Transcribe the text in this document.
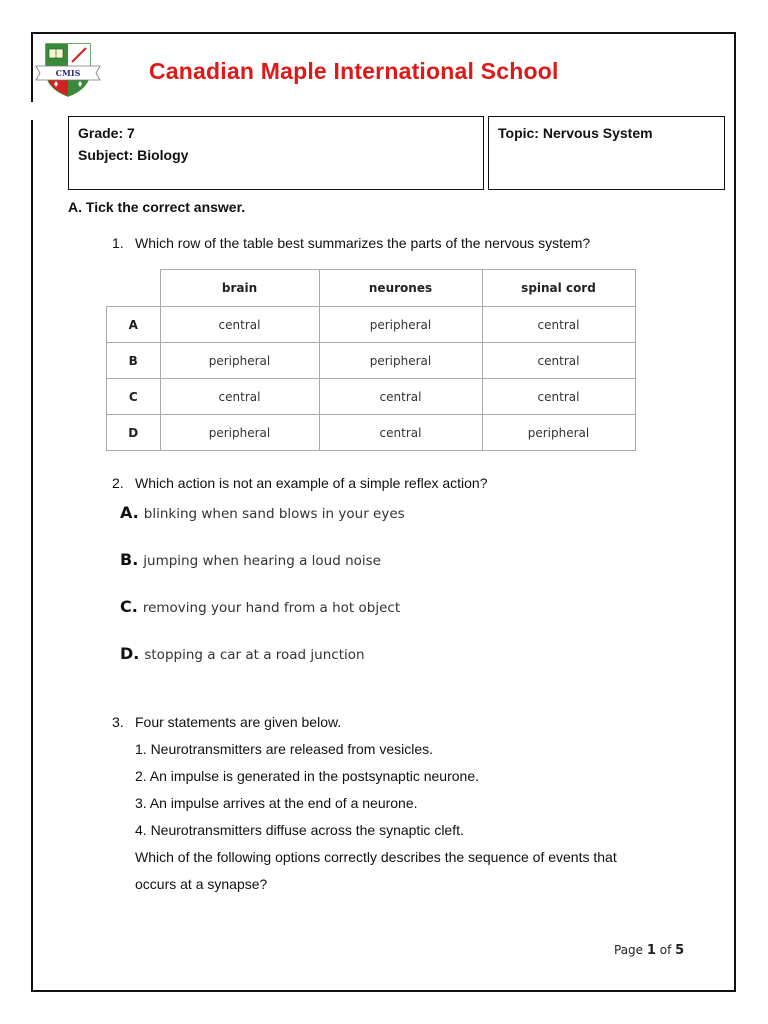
CMIS	Canadian Maple International School
Grade: 7
Subject: Biology
Topic: Nervous System
A. Tick the correct answer.
1. Which row of the table best summarizes the parts of the nervous system?
	brain	neurones	spinal cord
A	central	peripheral	central
B	peripheral	peripheral	central
C	central	central	central
D	peripheral	central	peripheral
2. Which action is not an example of a simple reflex action?
A. blinking when sand blows in your eyes
B. jumping when hearing a loud noise
C. removing your hand from a hot object
D. stopping a car at a road junction
3. Four statements are given below.
1. Neurotransmitters are released from vesicles.
2. An impulse is generated in the postsynaptic neurone.
3. An impulse arrives at the end of a neurone.
4. Neurotransmitters diffuse across the synaptic cleft.
Which of the following options correctly describes the sequence of events that
occurs at a synapse?
Page 1 of 5
